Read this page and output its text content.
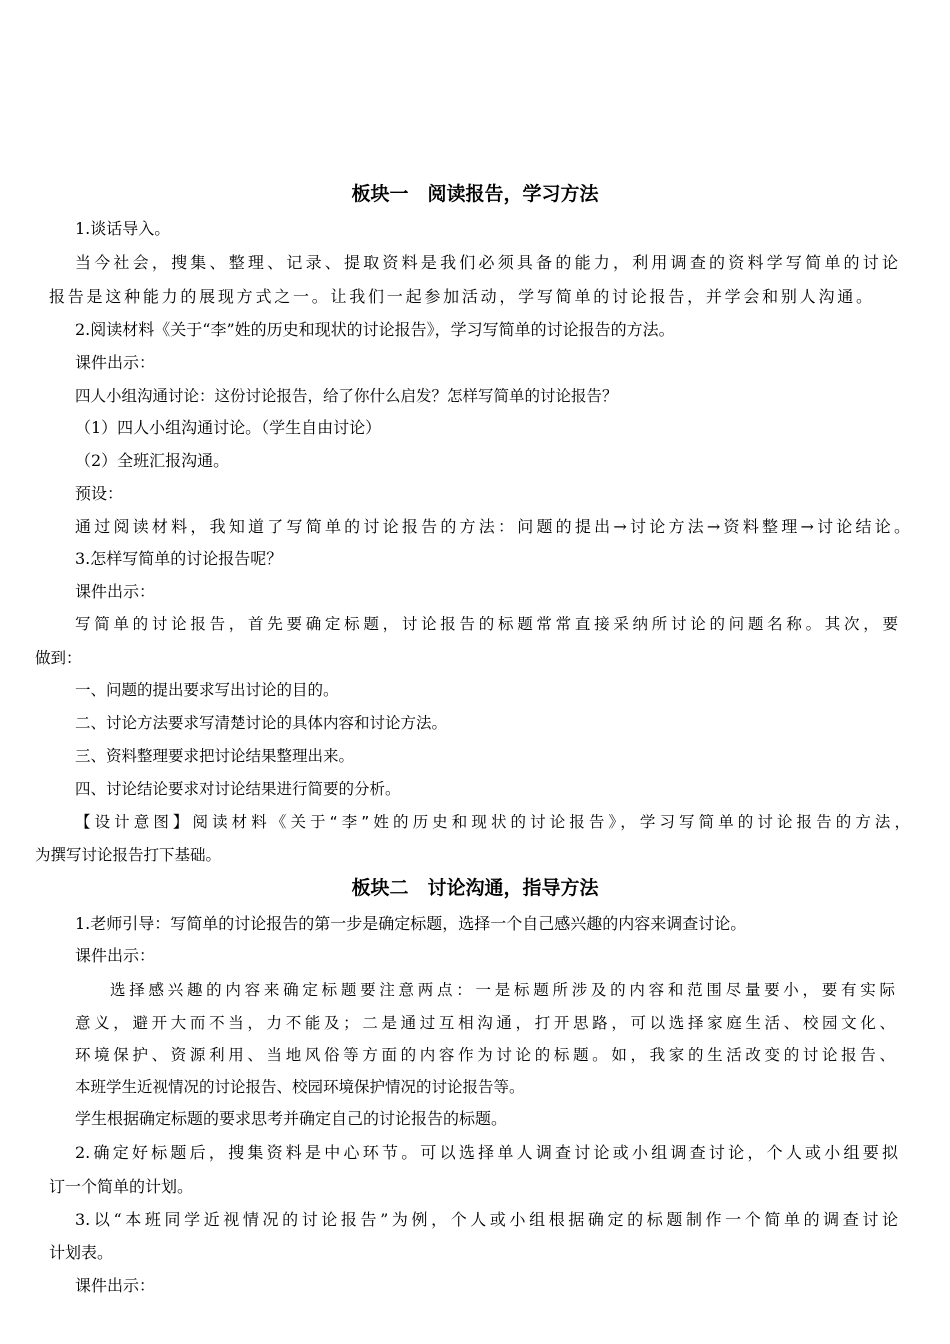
板块一　阅读报告，学习方法
1.谈话导入。
当今社会，搜集、整理、记录、提取资料是我们必须具备的能力，利用调查的资料学写简单的讨论
报告是这种能力的展现方式之一。让我们一起参加活动，学写简单的讨论报告，并学会和别人沟通。
2.阅读材料《关于“李”姓的历史和现状的讨论报告》，学习写简单的讨论报告的方法。
课件出示：
四人小组沟通讨论：这份讨论报告，给了你什么启发？怎样写简单的讨论报告？
（1）四人小组沟通讨论。（学生自由讨论）
（2）全班汇报沟通。
预设：
通过阅读材料，我知道了写简单的讨论报告的方法：问题的提出→讨论方法→资料整理→讨论结论。
3.怎样写简单的讨论报告呢？
课件出示：
写简单的讨论报告，首先要确定标题，讨论报告的标题常常直接采纳所讨论的问题名称。其次，要
做到：
一、问题的提出要求写出讨论的目的。
二、讨论方法要求写清楚讨论的具体内容和讨论方法。
三、资料整理要求把讨论结果整理出来。
四、讨论结论要求对讨论结果进行简要的分析。
【设计意图】阅读材料《关于“李”姓的历史和现状的讨论报告》，学习写简单的讨论报告的方法，
为撰写讨论报告打下基础。
板块二　讨论沟通，指导方法
1.老师引导：写简单的讨论报告的第一步是确定标题，选择一个自己感兴趣的内容来调查讨论。
课件出示：
选择感兴趣的内容来确定标题要注意两点：一是标题所涉及的内容和范围尽量要小，要有实际
意义，避开大而不当，力不能及；二是通过互相沟通，打开思路，可以选择家庭生活、校园文化、
环境保护、资源利用、当地风俗等方面的内容作为讨论的标题。如，我家的生活改变的讨论报告、
本班学生近视情况的讨论报告、校园环境保护情况的讨论报告等。
学生根据确定标题的要求思考并确定自己的讨论报告的标题。
2.确定好标题后，搜集资料是中心环节。可以选择单人调查讨论或小组调查讨论，个人或小组要拟
订一个简单的计划。
3.以“本班同学近视情况的讨论报告”为例，个人或小组根据确定的标题制作一个简单的调查讨论
计划表。
课件出示：
